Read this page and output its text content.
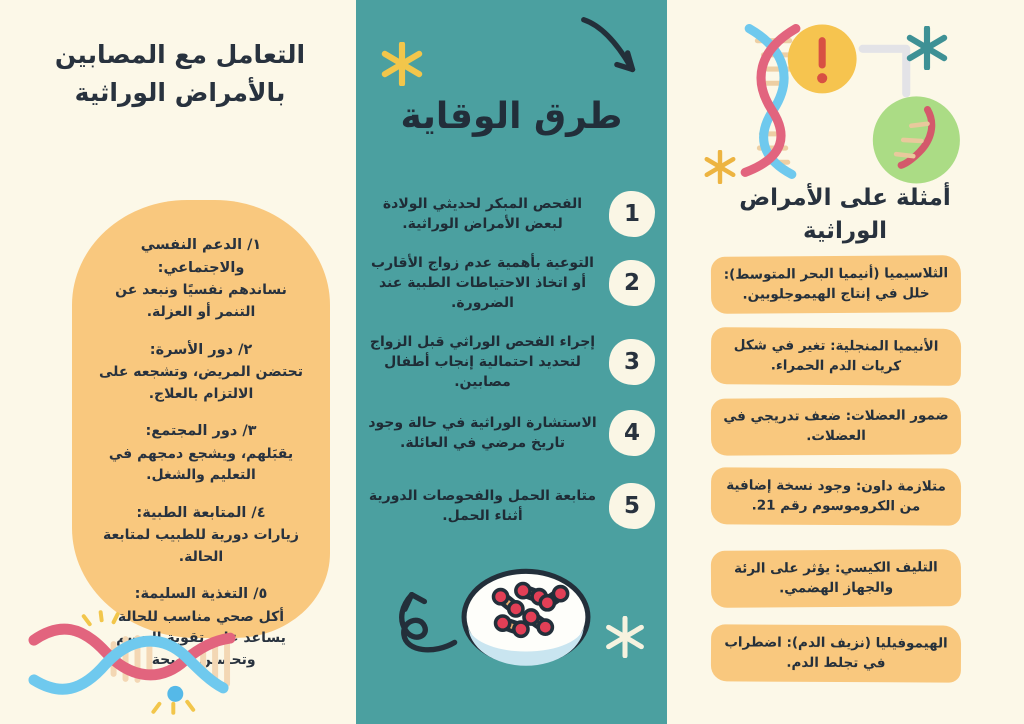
التعامل مع المصابين بالأمراض الوراثية
١/ الدعم النفسي والاجتماعي:
نساندهم نفسيًا ونبعد عن التنمر أو العزلة.
٢/ دور الأسرة:
تحتضن المريض، وتشجعه على الالتزام بالعلاج.
٣/ دور المجتمع:
يقبَلهم، ويشجع دمجهم في التعليم والشغل.
٤/ المتابعة الطبية:
زيارات دورية للطبيب لمتابعة الحالة.
٥/ التغذية السليمة:
أكل صحي مناسب للحالة يساعد على تقوية الجسم وتحسين الصحة.
طرق الوقاية
1
الفحص المبكر لحديثي الولادة لبعض الأمراض الوراثية.
2
التوعية بأهمية عدم زواج الأقارب أو اتخاذ الاحتياطات الطبية عند الضرورة.
3
إجراء الفحص الوراثي قبل الزواج لتحديد احتمالية إنجاب أطفال مصابين.
4
الاستشارة الوراثية في حالة وجود تاريخ مرضي في العائلة.
5
متابعة الحمل والفحوصات الدورية أثناء الحمل.
أمثلة على الأمراض الوراثية
الثلاسيميا (أنيميا البحر المتوسط): خلل في إنتاج الهيموجلوبين.
الأنيميا المنجلية: تغير في شكل كريات الدم الحمراء.
ضمور العضلات: ضعف تدريجي في العضلات.
متلازمة داون: وجود نسخة إضافية من الكروموسوم رقم 21.
التليف الكيسي: يؤثر على الرئة والجهاز الهضمي.
الهيموفيليا (نزيف الدم): اضطراب في تجلط الدم.
